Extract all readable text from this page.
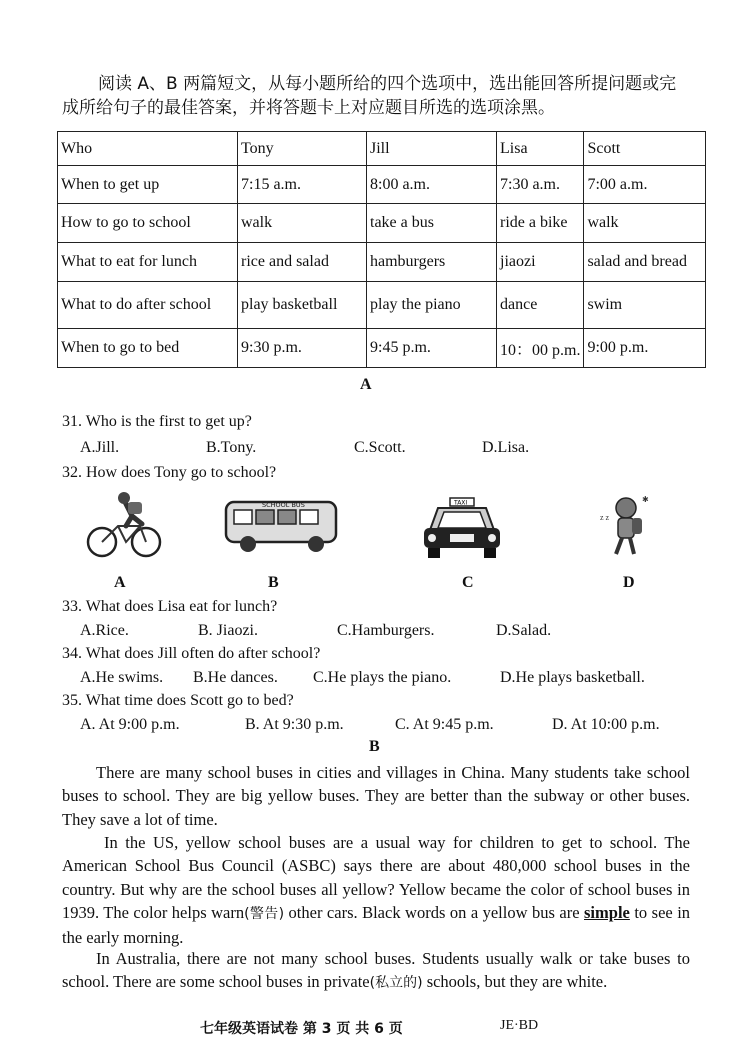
阅读 A、B 两篇短文，从每小题所给的四个选项中，选出能回答所提问题或完
成所给句子的最佳答案，并将答题卡上对应题目所选的选项涂黑。
Who	Tony	Jill	Lisa	Scott
When to get up	7:15 a.m.	8:00 a.m.	7:30 a.m.	7:00 a.m.
How to go to school	walk	take a bus	ride a bike	walk
What to eat for lunch	rice and salad	hamburgers	jiaozi	salad and bread
What to do after school	play basketball	play the piano	dance	swim
When to go to bed	9:30 p.m.	9:45 p.m.	10：00 p.m.	9:00 p.m.
A
31. Who is the first to get up?
A.Jill.	B.Tony.	C.Scott.	D.Lisa.
32. How does Tony go to school?
SCHOOL BUS	TAXI
z z
✱
A	B	C	D
33. What does Lisa eat for lunch?
A.Rice.	B. Jiaozi.	C.Hamburgers.	D.Salad.
34. What does Jill often do after school?
A.He swims. B.He dances. C.He plays the piano.	D.He plays basketball.
35. What time does Scott go to bed?
A. At 9:00 p.m.	B. At 9:30 p.m.	C. At 9:45 p.m.	D. At 10:00 p.m.
B
There are many school buses in cities and villages in China. Many students take school buses to school. They are big yellow buses. They are better than the subway or other buses. They save a lot of time.
In the US, yellow school buses are a usual way for children to get to school. The American School Bus Council (ASBC) says there are about 480,000 school buses in the country. But why are the school buses all yellow? Yellow became the color of school buses in 1939. The color helps warn(警告) other cars. Black words on a yellow bus are simple to see in the early morning.
In Australia, there are not many school buses. Students usually walk or take buses to school. There are some school buses in private(私立的) schools, but they are white.
七年级英语试卷 第 3 页 共 6 页	JE·BD
